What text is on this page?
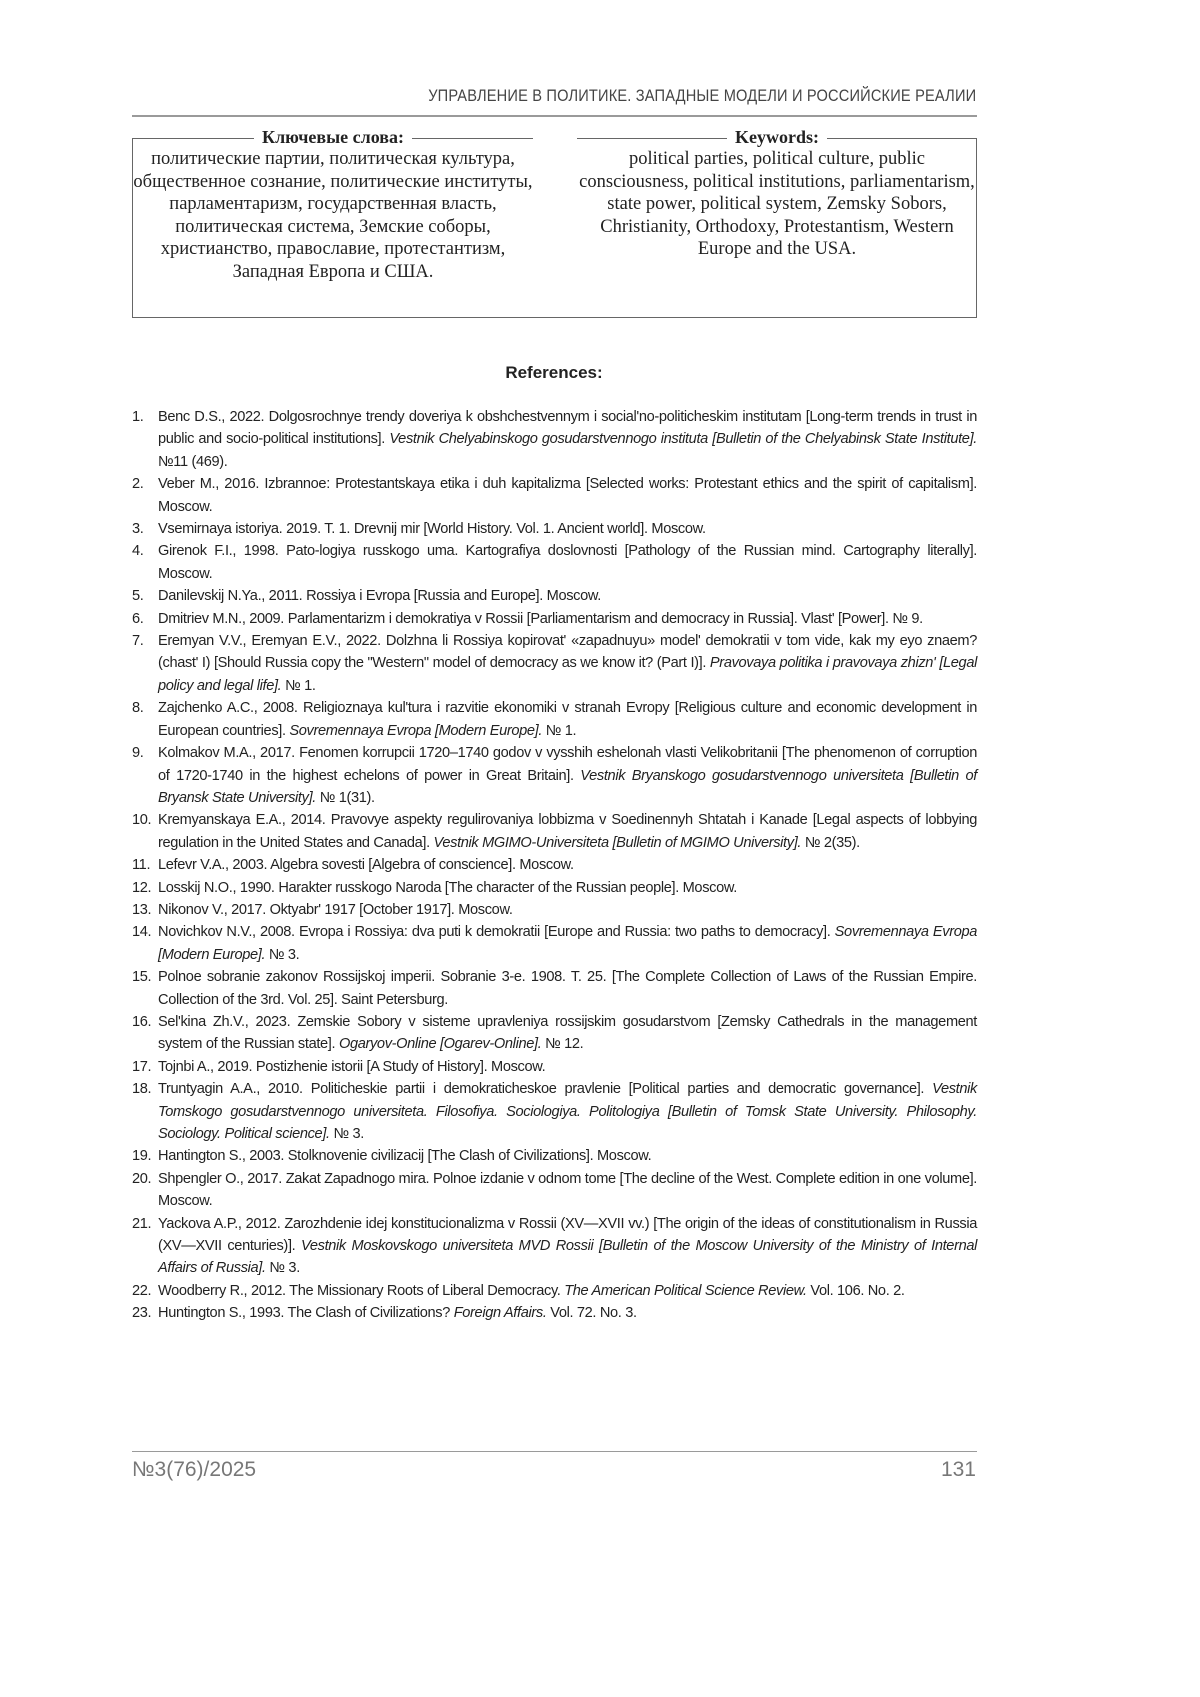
УПРАВЛЕНИЕ В ПОЛИТИКЕ. ЗАПАДНЫЕ МОДЕЛИ И РОССИЙСКИЕ РЕАЛИИ
Ключевые слова:
политические партии, политическая культура, общественное сознание, политические институты, парламентаризм, государственная власть, политическая система, Земские соборы, христианство, православие, протестантизм, Западная Европа и США.
Keywords:
political parties, political culture, public consciousness, political institutions, parliamentarism, state power, political system, Zemsky Sobors, Christianity, Orthodoxy, Protestantism, Western Europe and the USA.
References:
1. Benc D.S., 2022. Dolgosrochnye trendy doveriya k obshchestvennym i social'no-politicheskim institutam [Long-term trends in trust in public and socio-political institutions]. Vestnik Chelyabinskogo gosudarstvennogo instituta [Bulletin of the Chelyabinsk State Institute]. №11 (469).
2. Veber M., 2016. Izbrannoe: Protestantskaya etika i duh kapitalizma [Selected works: Protestant ethics and the spirit of capitalism]. Moscow.
3. Vsemirnaya istoriya. 2019. T. 1. Drevnij mir [World History. Vol. 1. Ancient world]. Moscow.
4. Girenok F.I., 1998. Pato-logiya russkogo uma. Kartografiya doslovnosti [Pathology of the Russian mind. Cartography literally]. Moscow.
5. Danilevskij N.Ya., 2011. Rossiya i Evropa [Russia and Europe]. Moscow.
6. Dmitriev M.N., 2009. Parlamentarizm i demokratiya v Rossii [Parliamentarism and democracy in Russia]. Vlast' [Power]. № 9.
7. Eremyan V.V., Eremyan E.V., 2022. Dolzhna li Rossiya kopirovat' «zapadnuyu» model' demokratii v tom vide, kak my eyo znaem? (chast' I) [Should Russia copy the "Western" model of democracy as we know it? (Part I)]. Pravovaya politika i pravovaya zhizn' [Legal policy and legal life]. № 1.
8. Zajchenko A.C., 2008. Religioznaya kul'tura i razvitie ekonomiki v stranah Evropy [Religious culture and economic development in European countries]. Sovremennaya Evropa [Modern Europe]. № 1.
9. Kolmakov M.A., 2017. Fenomen korrupcii 1720–1740 godov v vysshih eshelonah vlasti Velikobritanii [The phenomenon of corruption of 1720-1740 in the highest echelons of power in Great Britain]. Vestnik Bryanskogo gosudarstvennogo universiteta [Bulletin of Bryansk State University]. № 1(31).
10. Kremyanskaya E.A., 2014. Pravovye aspekty regulirovaniya lobbizma v Soedinennyh Shtatah i Kanade [Legal aspects of lobbying regulation in the United States and Canada]. Vestnik MGIMO-Universiteta [Bulletin of MGIMO University]. № 2(35).
11. Lefevr V.A., 2003. Algebra sovesti [Algebra of conscience]. Moscow.
12. Losskij N.O., 1990. Harakter russkogo Naroda [The character of the Russian people]. Moscow.
13. Nikonov V., 2017. Oktyabr' 1917 [October 1917]. Moscow.
14. Novichkov N.V., 2008. Evropa i Rossiya: dva puti k demokratii [Europe and Russia: two paths to democracy]. Sovremennaya Evropa [Modern Europe]. № 3.
15. Polnoe sobranie zakonov Rossijskoj imperii. Sobranie 3-e. 1908. T. 25. [The Complete Collection of Laws of the Russian Empire. Collection of the 3rd. Vol. 25]. Saint Petersburg.
16. Sel'kina Zh.V., 2023. Zemskie Sobory v sisteme upravleniya rossijskim gosudarstvom [Zemsky Cathedrals in the management system of the Russian state]. Ogaryov-Online [Ogarev-Online]. № 12.
17. Tojnbi A., 2019. Postizhenie istorii [A Study of History]. Moscow.
18. Truntyagin A.A., 2010. Politicheskie partii i demokraticheskoe pravlenie [Political parties and democratic governance]. Vestnik Tomskogo gosudarstvennogo universiteta. Filosofiya. Sociologiya. Politologiya [Bulletin of Tomsk State University. Philosophy. Sociology. Political science]. № 3.
19. Hantington S., 2003. Stolknovenie civilizacij [The Clash of Civilizations]. Moscow.
20. Shpengler O., 2017. Zakat Zapadnogo mira. Polnoe izdanie v odnom tome [The decline of the West. Complete edition in one volume]. Moscow.
21. Yackova A.P., 2012. Zarozhdenie idej konstitucionalizma v Rossii (XV—XVII vv.) [The origin of the ideas of constitutionalism in Russia (XV—XVII centuries)]. Vestnik Moskovskogo universiteta MVD Rossii [Bulletin of the Moscow University of the Ministry of Internal Affairs of Russia]. № 3.
22. Woodberry R., 2012. The Missionary Roots of Liberal Democracy. The American Political Science Review. Vol. 106. No. 2.
23. Huntington S., 1993. The Clash of Civilizations? Foreign Affairs. Vol. 72. No. 3.
№3(76)/2025	131
